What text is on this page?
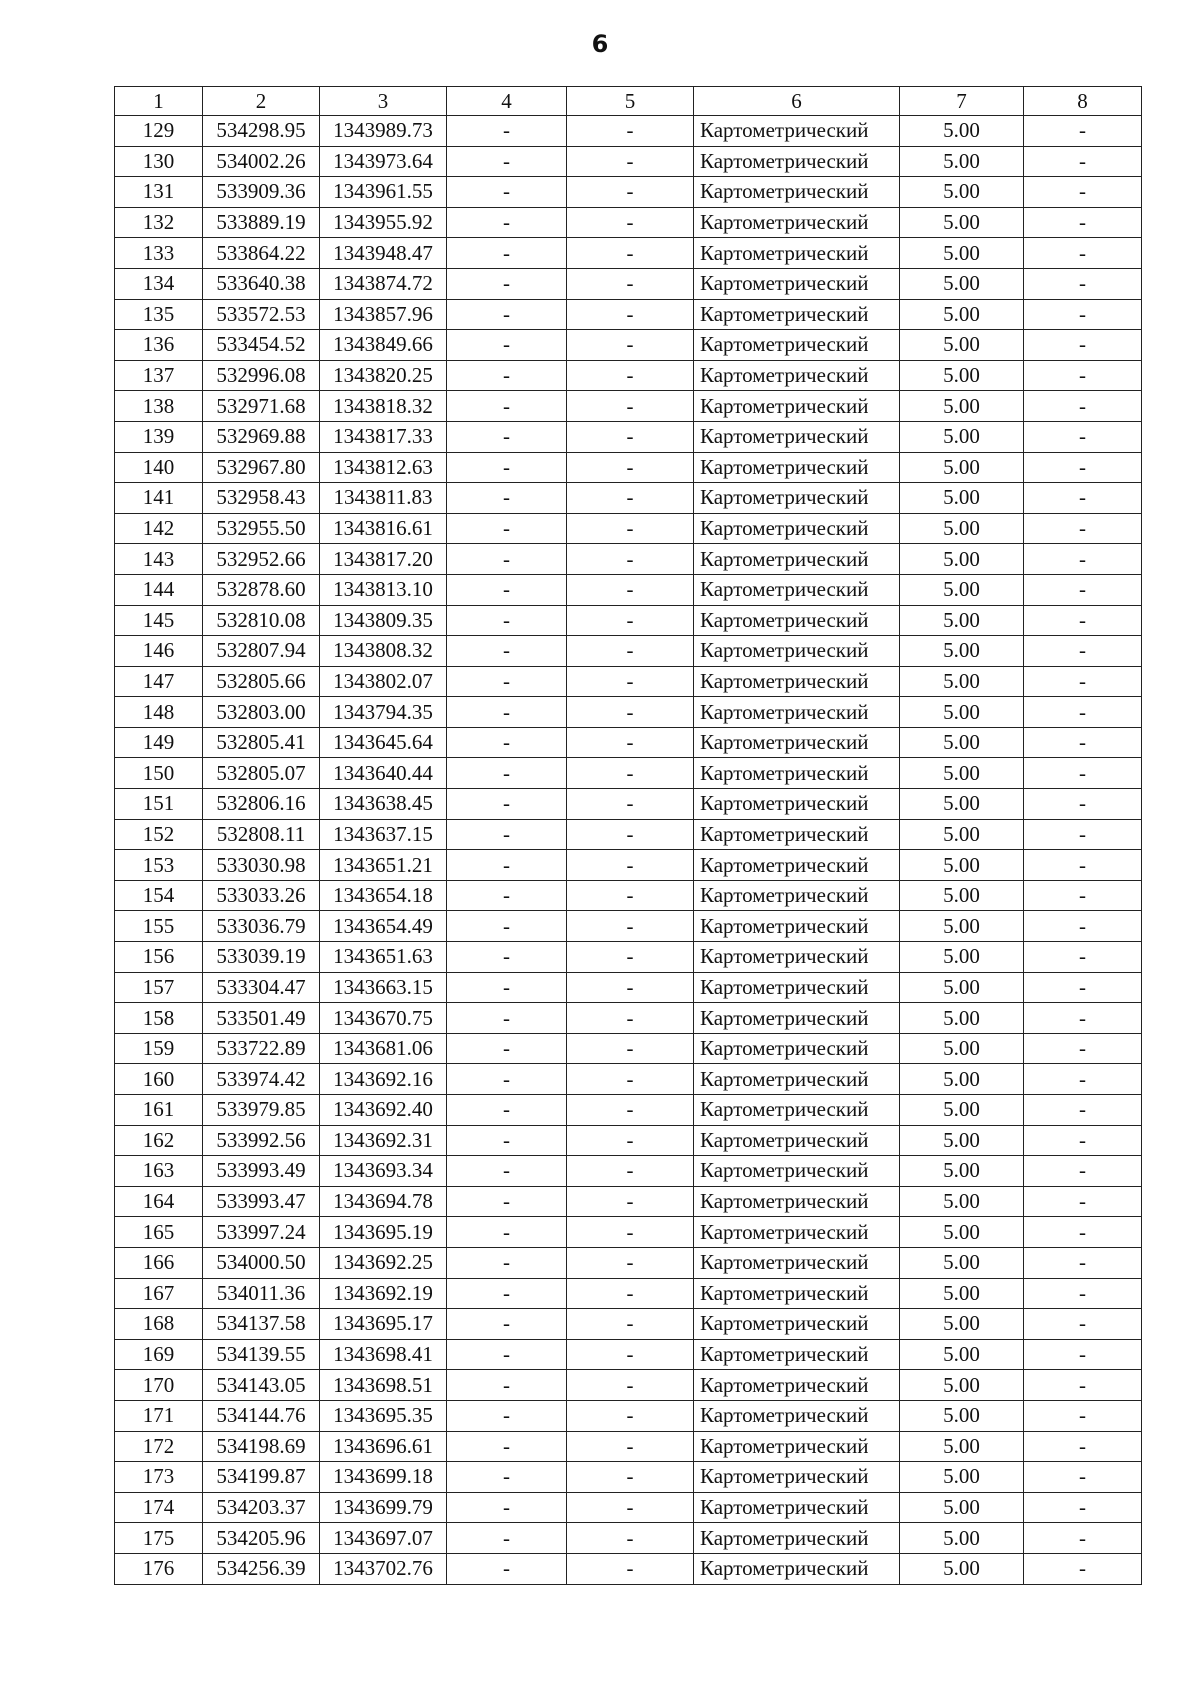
6
1	2	3	4	5	6	7	8
129	534298.95	1343989.73	-	-	Картометрический	5.00	-
130	534002.26	1343973.64	-	-	Картометрический	5.00	-
131	533909.36	1343961.55	-	-	Картометрический	5.00	-
132	533889.19	1343955.92	-	-	Картометрический	5.00	-
133	533864.22	1343948.47	-	-	Картометрический	5.00	-
134	533640.38	1343874.72	-	-	Картометрический	5.00	-
135	533572.53	1343857.96	-	-	Картометрический	5.00	-
136	533454.52	1343849.66	-	-	Картометрический	5.00	-
137	532996.08	1343820.25	-	-	Картометрический	5.00	-
138	532971.68	1343818.32	-	-	Картометрический	5.00	-
139	532969.88	1343817.33	-	-	Картометрический	5.00	-
140	532967.80	1343812.63	-	-	Картометрический	5.00	-
141	532958.43	1343811.83	-	-	Картометрический	5.00	-
142	532955.50	1343816.61	-	-	Картометрический	5.00	-
143	532952.66	1343817.20	-	-	Картометрический	5.00	-
144	532878.60	1343813.10	-	-	Картометрический	5.00	-
145	532810.08	1343809.35	-	-	Картометрический	5.00	-
146	532807.94	1343808.32	-	-	Картометрический	5.00	-
147	532805.66	1343802.07	-	-	Картометрический	5.00	-
148	532803.00	1343794.35	-	-	Картометрический	5.00	-
149	532805.41	1343645.64	-	-	Картометрический	5.00	-
150	532805.07	1343640.44	-	-	Картометрический	5.00	-
151	532806.16	1343638.45	-	-	Картометрический	5.00	-
152	532808.11	1343637.15	-	-	Картометрический	5.00	-
153	533030.98	1343651.21	-	-	Картометрический	5.00	-
154	533033.26	1343654.18	-	-	Картометрический	5.00	-
155	533036.79	1343654.49	-	-	Картометрический	5.00	-
156	533039.19	1343651.63	-	-	Картометрический	5.00	-
157	533304.47	1343663.15	-	-	Картометрический	5.00	-
158	533501.49	1343670.75	-	-	Картометрический	5.00	-
159	533722.89	1343681.06	-	-	Картометрический	5.00	-
160	533974.42	1343692.16	-	-	Картометрический	5.00	-
161	533979.85	1343692.40	-	-	Картометрический	5.00	-
162	533992.56	1343692.31	-	-	Картометрический	5.00	-
163	533993.49	1343693.34	-	-	Картометрический	5.00	-
164	533993.47	1343694.78	-	-	Картометрический	5.00	-
165	533997.24	1343695.19	-	-	Картометрический	5.00	-
166	534000.50	1343692.25	-	-	Картометрический	5.00	-
167	534011.36	1343692.19	-	-	Картометрический	5.00	-
168	534137.58	1343695.17	-	-	Картометрический	5.00	-
169	534139.55	1343698.41	-	-	Картометрический	5.00	-
170	534143.05	1343698.51	-	-	Картометрический	5.00	-
171	534144.76	1343695.35	-	-	Картометрический	5.00	-
172	534198.69	1343696.61	-	-	Картометрический	5.00	-
173	534199.87	1343699.18	-	-	Картометрический	5.00	-
174	534203.37	1343699.79	-	-	Картометрический	5.00	-
175	534205.96	1343697.07	-	-	Картометрический	5.00	-
176	534256.39	1343702.76	-	-	Картометрический	5.00	-
